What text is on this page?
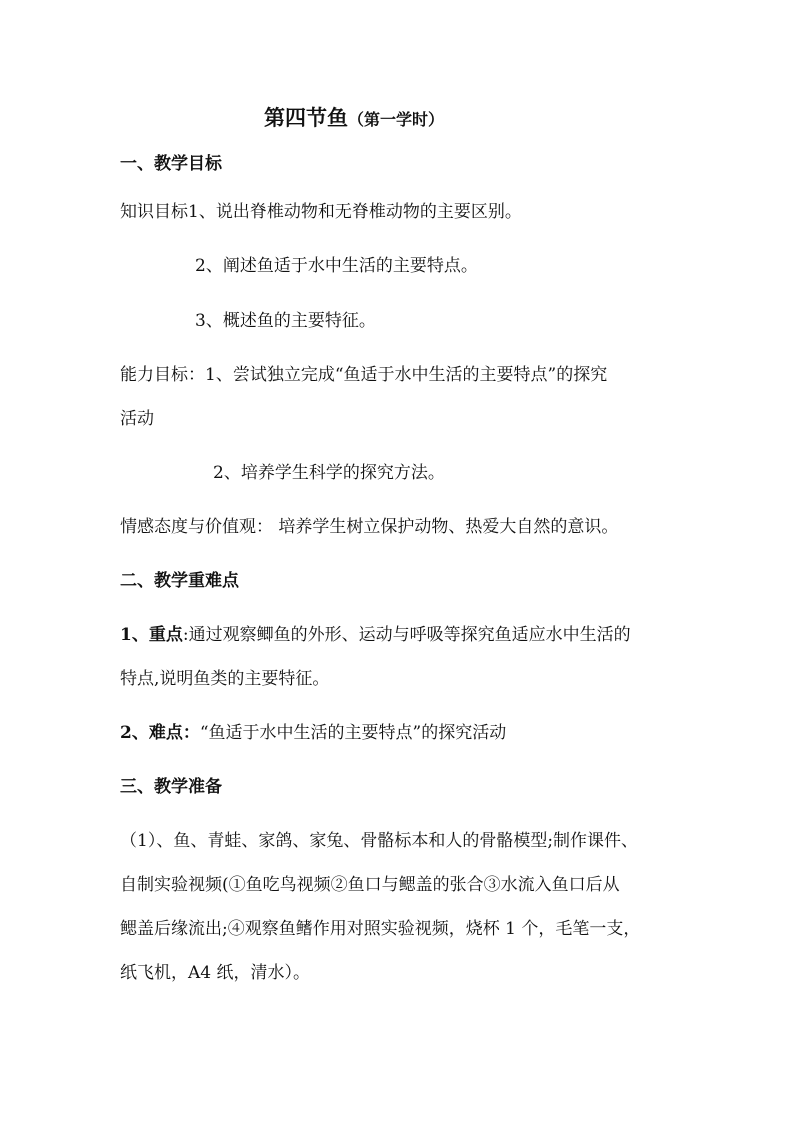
第四节鱼（第一学时）
一、教学目标
知识目标1、说出脊椎动物和无脊椎动物的主要区别。
2、阐述鱼适于水中生活的主要特点。
3、概述鱼的主要特征。
能力目标：1、尝试独立完成“鱼适于水中生活的主要特点”的探究
活动
2、培养学生科学的探究方法。
情感态度与价值观： 培养学生树立保护动物、热爱大自然的意识。
二、教学重难点
1、重点:通过观察鲫鱼的外形、运动与呼吸等探究鱼适应水中生活的
特点,说明鱼类的主要特征。
2、难点：“鱼适于水中生活的主要特点”的探究活动
三、教学准备
（1）、鱼、青蛙、家鸽、家兔、骨骼标本和人的骨骼模型;制作课件、
自制实验视频(①鱼吃鸟视频②鱼口与鳃盖的张合③水流入鱼口后从
鳃盖后缘流出;④观察鱼鳍作用对照实验视频，烧杯 1 个，毛笔一支，
纸飞机，A4 纸，清水）。
